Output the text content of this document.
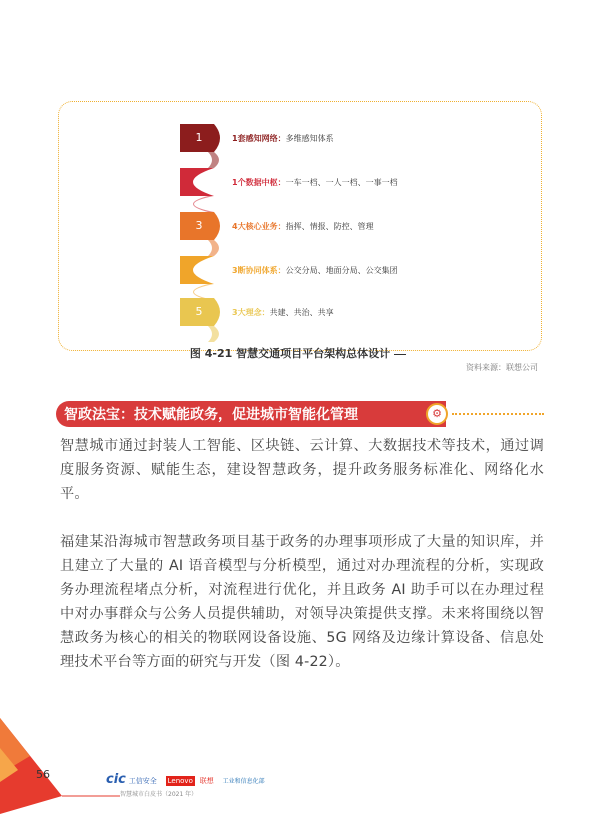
1	1套感知网络：多维感知体系
2	1个数据中枢：一车一档、一人一档、一事一档
3	4大核心业务：指挥、情报、防控、管理
4	3断协同体系：公交分局、地面分局、公交集团
5	3大理念：共建、共治、共享
图 4-21 智慧交通项目平台架构总体设计
资料来源：联想公司
智政法宝：技术赋能政务，促进城市智能化管理	⚙
智慧城市通过封装人工智能、区块链、云计算、大数据技术等技术，通过调度服务资源、赋能生态，建设智慧政务，提升政务服务标准化、网络化水平。
福建某沿海城市智慧政务项目基于政务的办理事项形成了大量的知识库，并且建立了大量的 AI 语音模型与分析模型，通过对办理流程的分析，实现政务办理流程堵点分析，对流程进行优化，并且政务 AI 助手可以在办理过程中对办事群众与公务人员提供辅助，对领导决策提供支撑。未来将围绕以智慧政务为核心的相关的物联网设备设施、5G 网络及边缘计算设备、信息处理技术平台等方面的研究与开发（图 4-22）。
56	cic 工信安全 Lenovo 联想 工业和信息化部
智慧城市白皮书（2021 年）
